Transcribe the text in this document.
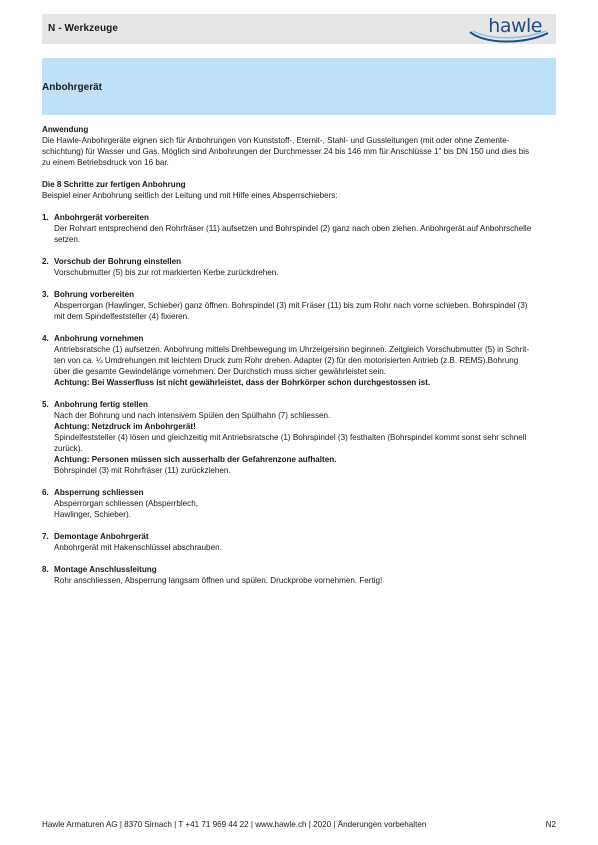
N - Werkzeuge	hawle
Anbohrgerät
Anwendung
Die Hawle-Anbohrgeräte eignen sich für Anbohrungen von Kunststoff-, Eternit-, Stahl- und Gussleitungen (mit oder ohne Zemente-
schichtung) für Wasser und Gas. Möglich sind Anbohrungen der Durchmesser 24 bis 146 mm für Anschlüsse 1" bis DN 150 und dies bis
zu einem Betriebsdruck von 16 bar.
Die 8 Schritte zur fertigen Anbohrung
Beispiel einer Anbohrung seitlich der Leitung und mit Hilfe eines Absperrschiebers:
1. Anbohrgerät vorbereiten
Der Rohrart entsprechend den Rohrfräser (11) aufsetzen und Bohrspindel (2) ganz nach oben ziehen. Anbohrgerät auf Anbohrschelle
setzen.
2. Vorschub der Bohrung einstellen
Vorschubmutter (5) bis zur rot markierten Kerbe zurückdrehen.
3. Bohrung vorbereiten
Absperrorgan (Hawlinger, Schieber) ganz öffnen. Bohrspindel (3) mit Fräser (11) bis zum Rohr nach vorne schieben. Bohrspindel (3)
mit dem Spindelfeststeller (4) fixieren.
4. Anbohrung vornehmen
Antriebsratsche (1) aufsetzen. Anbohrung mittels Drehbewegung im Uhrzeigersinn beginnen. Zeitgleich Vorschubmutter (5) in Schrit-
ten von ca. ¼ Umdrehungen mit leichtem Druck zum Rohr drehen. Adapter (2) für den motorisierten Antrieb (z.B. REMS).Bohrung
über die gesamte Gewindelänge vornehmen. Der Durchstich muss sicher gewährleistet sein.
Achtung: Bei Wasserfluss ist nicht gewährleistet, dass der Bohrkörper schon durchgestossen ist.
5. Anbohrung fertig stellen
Nach der Bohrung und nach intensivem Spülen den Spülhahn (7) schliessen.
Achtung: Netzdruck im Anbohrgerät!
Spindelfeststeller (4) lösen und gleichzeitig mit Antriebsratsche (1) Bohrspindel (3) festhalten (Bohrspindel kommt sonst sehr schnell
zurück).
Achtung: Personen müssen sich ausserhalb der Gefahrenzone aufhalten.
Bohrspindel (3) mit Rohrfräser (11) zurückziehen.
6. Absperrung schliessen
Absperrorgan schliessen (Absperrblech,
Hawlinger, Schieber).
7. Demontage Anbohrgerät
Anbohrgerät mit Hakenschlüssel abschrauben.
8. Montage Anschlussleitung
Rohr anschliessen, Absperrung langsam öffnen und spülen. Druckprobe vornehmen. Fertig!
Hawle Armaturen AG | 8370 Sirnach | T +41 71 969 44 22 | www.hawle.ch | 2020 | Änderungen vorbehalten	N2
